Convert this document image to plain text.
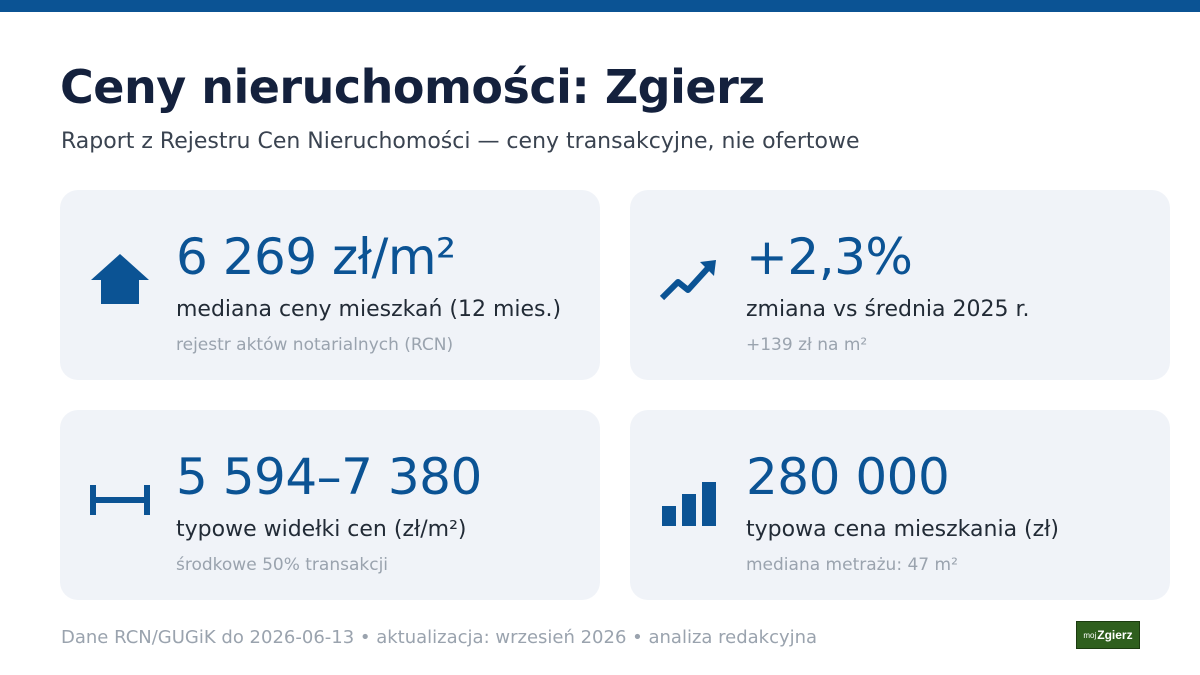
Ceny nieruchomości: Zgierz

Raport z Rejestru Cen Nieruchomości — ceny transakcyjne, nie ofertowe

6 269 zł/m²
mediana ceny mieszkań (12 mies.)
rejestr aktów notarialnych (RCN)
+2,3%
zmiana vs średnia 2025 r.
+139 zł na m²
5 594–7 380
typowe widełki cen (zł/m²)
środkowe 50% transakcji
280 000
typowa cena mieszkania (zł)
mediana metrażu: 47 m²
Dane RCN/GUGiK do 2026-06-13 • aktualizacja: wrzesień 2026 • analiza redakcyjna	moj Zgierz
